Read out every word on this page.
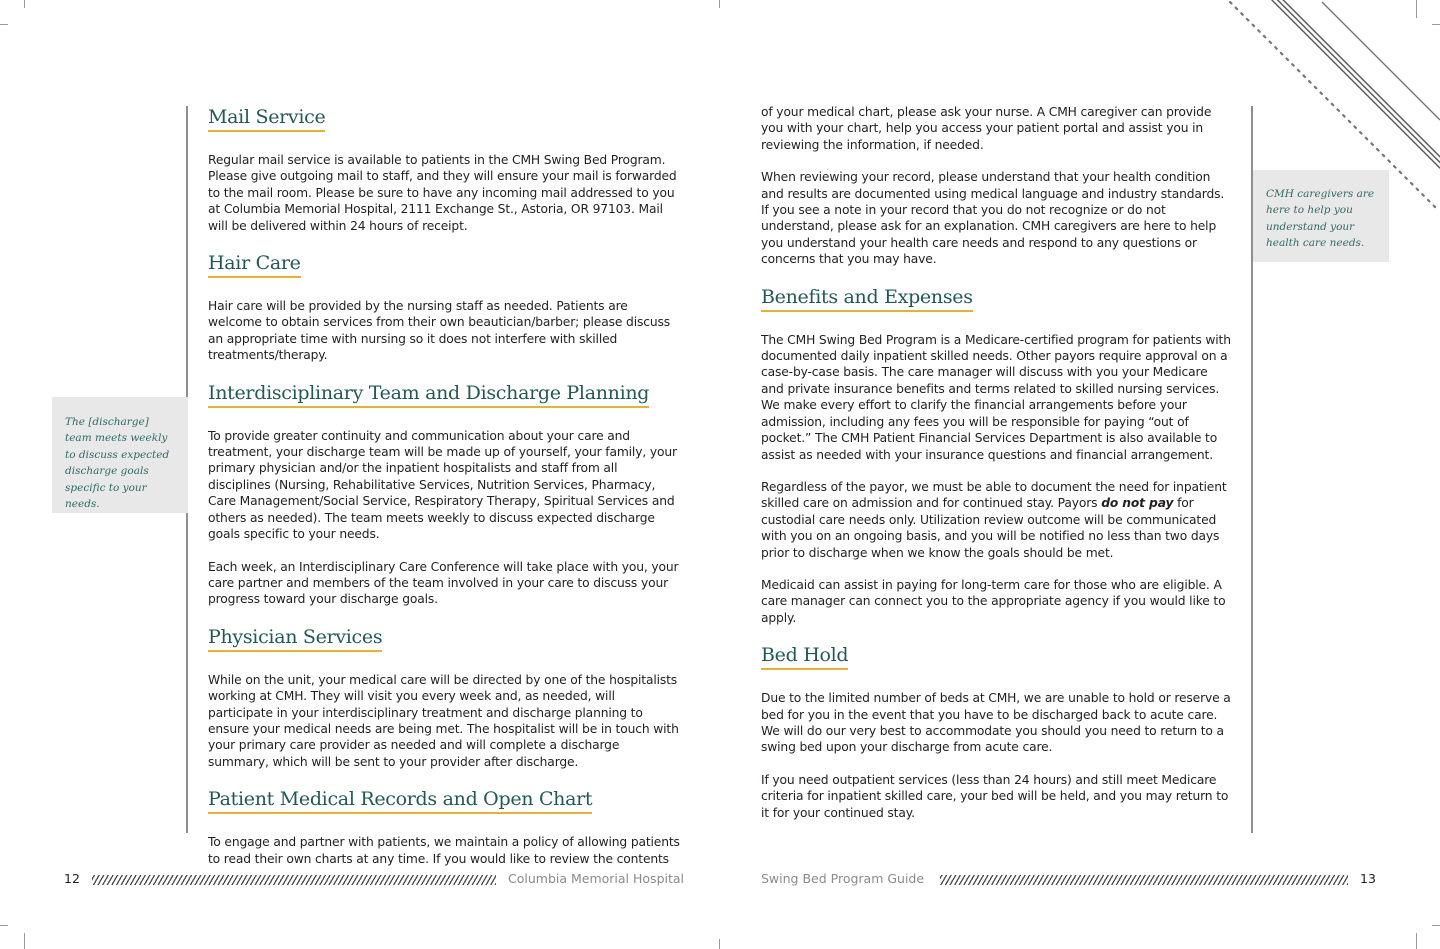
Mail Service

Regular mail service is available to patients in the CMH Swing Bed Program. Please give outgoing mail to staff, and they will ensure your mail is forwarded to the mail room. Please be sure to have any incoming mail addressed to you at Columbia Memorial Hospital, 2111 Exchange St., Astoria, OR 97103. Mail will be delivered within 24 hours of receipt.

Hair Care

Hair care will be provided by the nursing staff as needed. Patients are welcome to obtain services from their own beautician/barber; please discuss an appropriate time with nursing so it does not interfere with skilled treatments/therapy.

Interdisciplinary Team and Discharge Planning

To provide greater continuity and communication about your care and treatment, your discharge team will be made up of yourself, your family, your primary physician and/or the inpatient hospitalists and staff from all disciplines (Nursing, Rehabilitative Services, Nutrition Services, Pharmacy, Care Management/Social Service, Respiratory Therapy, Spiritual Services and others as needed). The team meets weekly to discuss expected discharge goals specific to your needs.

Each week, an Interdisciplinary Care Conference will take place with you, your care partner and members of the team involved in your care to discuss your progress toward your discharge goals.

Physician Services

While on the unit, your medical care will be directed by one of the hospitalists working at CMH. They will visit you every week and, as needed, will participate in your interdisciplinary treatment and discharge planning to ensure your medical needs are being met. The hospitalist will be in touch with your primary care provider as needed and will complete a discharge summary, which will be sent to your provider after discharge.

Patient Medical Records and Open Chart

To engage and partner with patients, we maintain a policy of allowing patients to read their own charts at any time. If you would like to review the contents

The [discharge] team meets weekly to discuss expected discharge goals specific to your needs.

of your medical chart, please ask your nurse. A CMH caregiver can provide you with your chart, help you access your patient portal and assist you in reviewing the information, if needed.

When reviewing your record, please understand that your health condition and results are documented using medical language and industry standards. If you see a note in your record that you do not recognize or do not understand, please ask for an explanation. CMH caregivers are here to help you understand your health care needs and respond to any questions or concerns that you may have.

Benefits and Expenses

The CMH Swing Bed Program is a Medicare-certified program for patients with documented daily inpatient skilled needs. Other payors require approval on a case-by-case basis. The care manager will discuss with you your Medicare and private insurance benefits and terms related to skilled nursing services. We make every effort to clarify the financial arrangements before your admission, including any fees you will be responsible for paying “out of pocket.” The CMH Patient Financial Services Department is also available to assist as needed with your insurance questions and financial arrangement.

Regardless of the payor, we must be able to document the need for inpatient skilled care on admission and for continued stay. Payors do not pay for custodial care needs only. Utilization review outcome will be communicated with you on an ongoing basis, and you will be notified no less than two days prior to discharge when we know the goals should be met.

Medicaid can assist in paying for long-term care for those who are eligible. A care manager can connect you to the appropriate agency if you would like to apply.

Bed Hold

Due to the limited number of beds at CMH, we are unable to hold or reserve a bed for you in the event that you have to be discharged back to acute care. We will do our very best to accommodate you should you need to return to a swing bed upon your discharge from acute care.

If you need outpatient services (less than 24 hours) and still meet Medicare criteria for inpatient skilled care, your bed will be held, and you may return to it for your continued stay.

CMH caregivers are here to help you understand your health care needs.
12	Columbia Memorial Hospital	Swing Bed Program Guide	13
